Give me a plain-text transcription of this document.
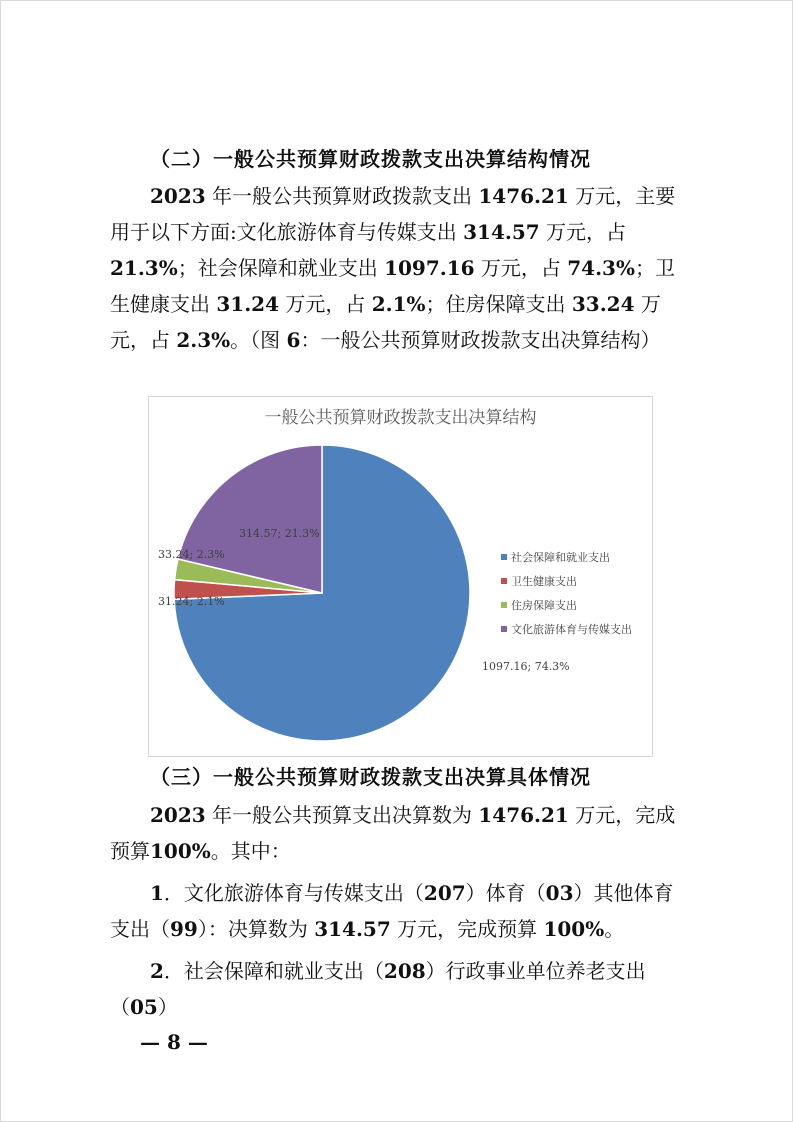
（二）一般公共预算财政拨款支出决算结构情况
2023 年一般公共预算财政拨款支出 1476.21 万元，主要用于以下方面:文化旅游体育与传媒支出 314.57 万元，占 21.3%；社会保障和就业支出 1097.16 万元，占 74.3%；卫生健康支出 31.24 万元，占 2.1%；住房保障支出 33.24 万元，占 2.3%。（图 6：一般公共预算财政拨款支出决算结构）
一般公共预算财政拨款支出决算结构
1097.16; 74.3%
31.24; 2.1%
33.24; 2.3%
314.57; 21.3%
社会保障和就业支出
卫生健康支出
住房保障支出
文化旅游体育与传媒支出
（三）一般公共预算财政拨款支出决算具体情况
2023 年一般公共预算支出决算数为 1476.21 万元，完成预算100%。其中：
1．文化旅游体育与传媒支出（207）体育（03）其他体育支出（99）：决算数为 314.57 万元，完成预算 100%。
2．社会保障和就业支出（208）行政事业单位养老支出（05）
— 8 —
